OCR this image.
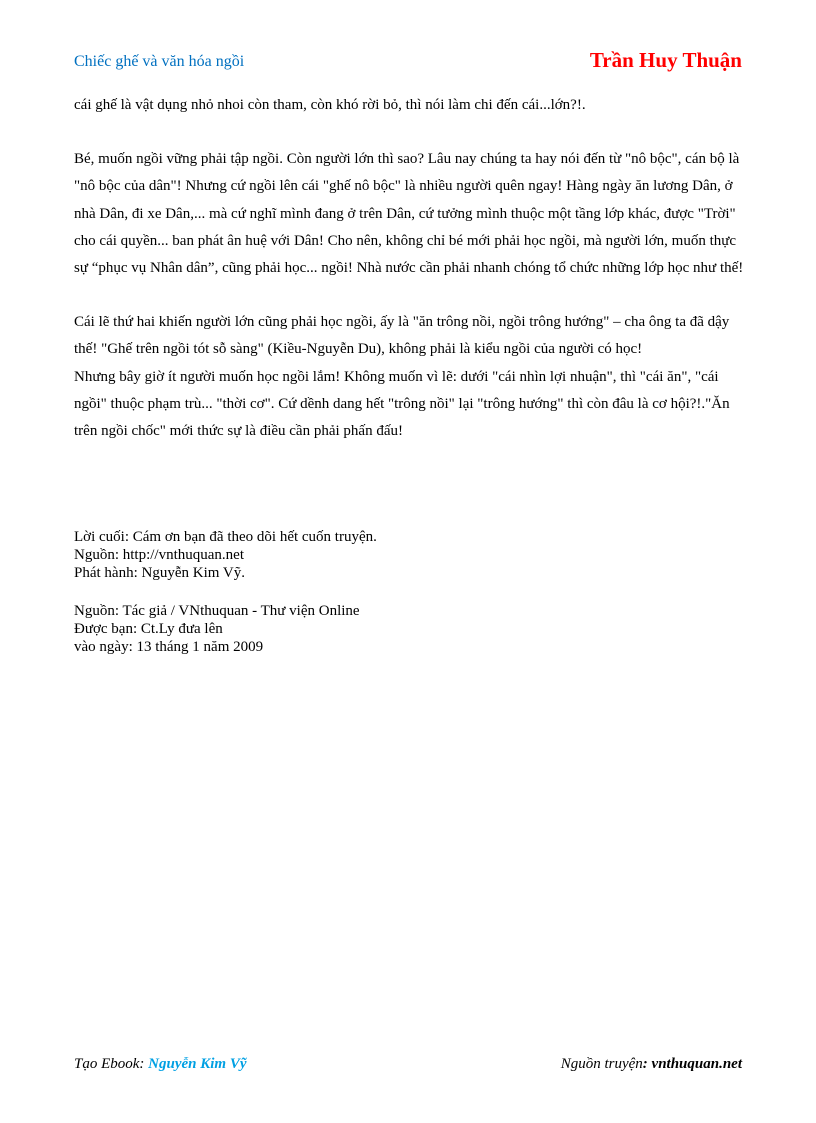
Chiếc ghế và văn hóa ngồi	Trần Huy Thuận

cái ghế là vật dụng nhỏ nhoi còn tham, còn khó rời bỏ, thì nói làm chi đến cái...lớn?!.

Bé, muốn ngồi vững phải tập ngồi. Còn người lớn thì sao? Lâu nay chúng ta hay nói đến từ "nô bộc", cán bộ là "nô bộc của dân"! Nhưng cứ ngồi lên cái "ghế nô bộc" là nhiều người quên ngay! Hàng ngày ăn lương Dân, ở nhà Dân, đi xe Dân,... mà cứ nghĩ mình đang ở trên Dân, cứ tưởng mình thuộc một tầng lớp khác, được "Trời" cho cái quyền... ban phát ân huệ với Dân! Cho nên, không chỉ bé mới phải học ngồi, mà người lớn, muốn thực sự “phục vụ Nhân dân”, cũng phải học... ngồi! Nhà nước cần phải nhanh chóng tổ chức những lớp học như thế!

Cái lẽ thứ hai khiến người lớn cũng phải học ngồi, ấy là "ăn trông nồi, ngồi trông hướng" – cha ông ta đã dậy thế! "Ghế trên ngồi tót sỗ sàng" (Kiều-Nguyễn Du), không phải là kiểu ngồi của người có học!

Nhưng bây giờ ít người muốn học ngồi lắm! Không muốn vì lẽ: dưới "cái nhìn lợi nhuận", thì "cái ăn", "cái ngồi" thuộc phạm trù... "thời cơ". Cứ dềnh dang hết "trông nồi" lại "trông hướng" thì còn đâu là cơ hội?!."Ăn trên ngồi chốc" mới thức sự là điều cần phải phấn đấu!

Lời cuối: Cám ơn bạn đã theo dõi hết cuốn truyện.
Nguồn: http://vnthuquan.net
Phát hành: Nguyễn Kim Vỹ.
Nguồn: Tác giả / VNthuquan - Thư viện Online
Được bạn: Ct.Ly đưa lên
vào ngày: 13 tháng 1 năm 2009
Tạo Ebook: Nguyễn Kim Vỹ	Nguồn truyện: vnthuquan.net
